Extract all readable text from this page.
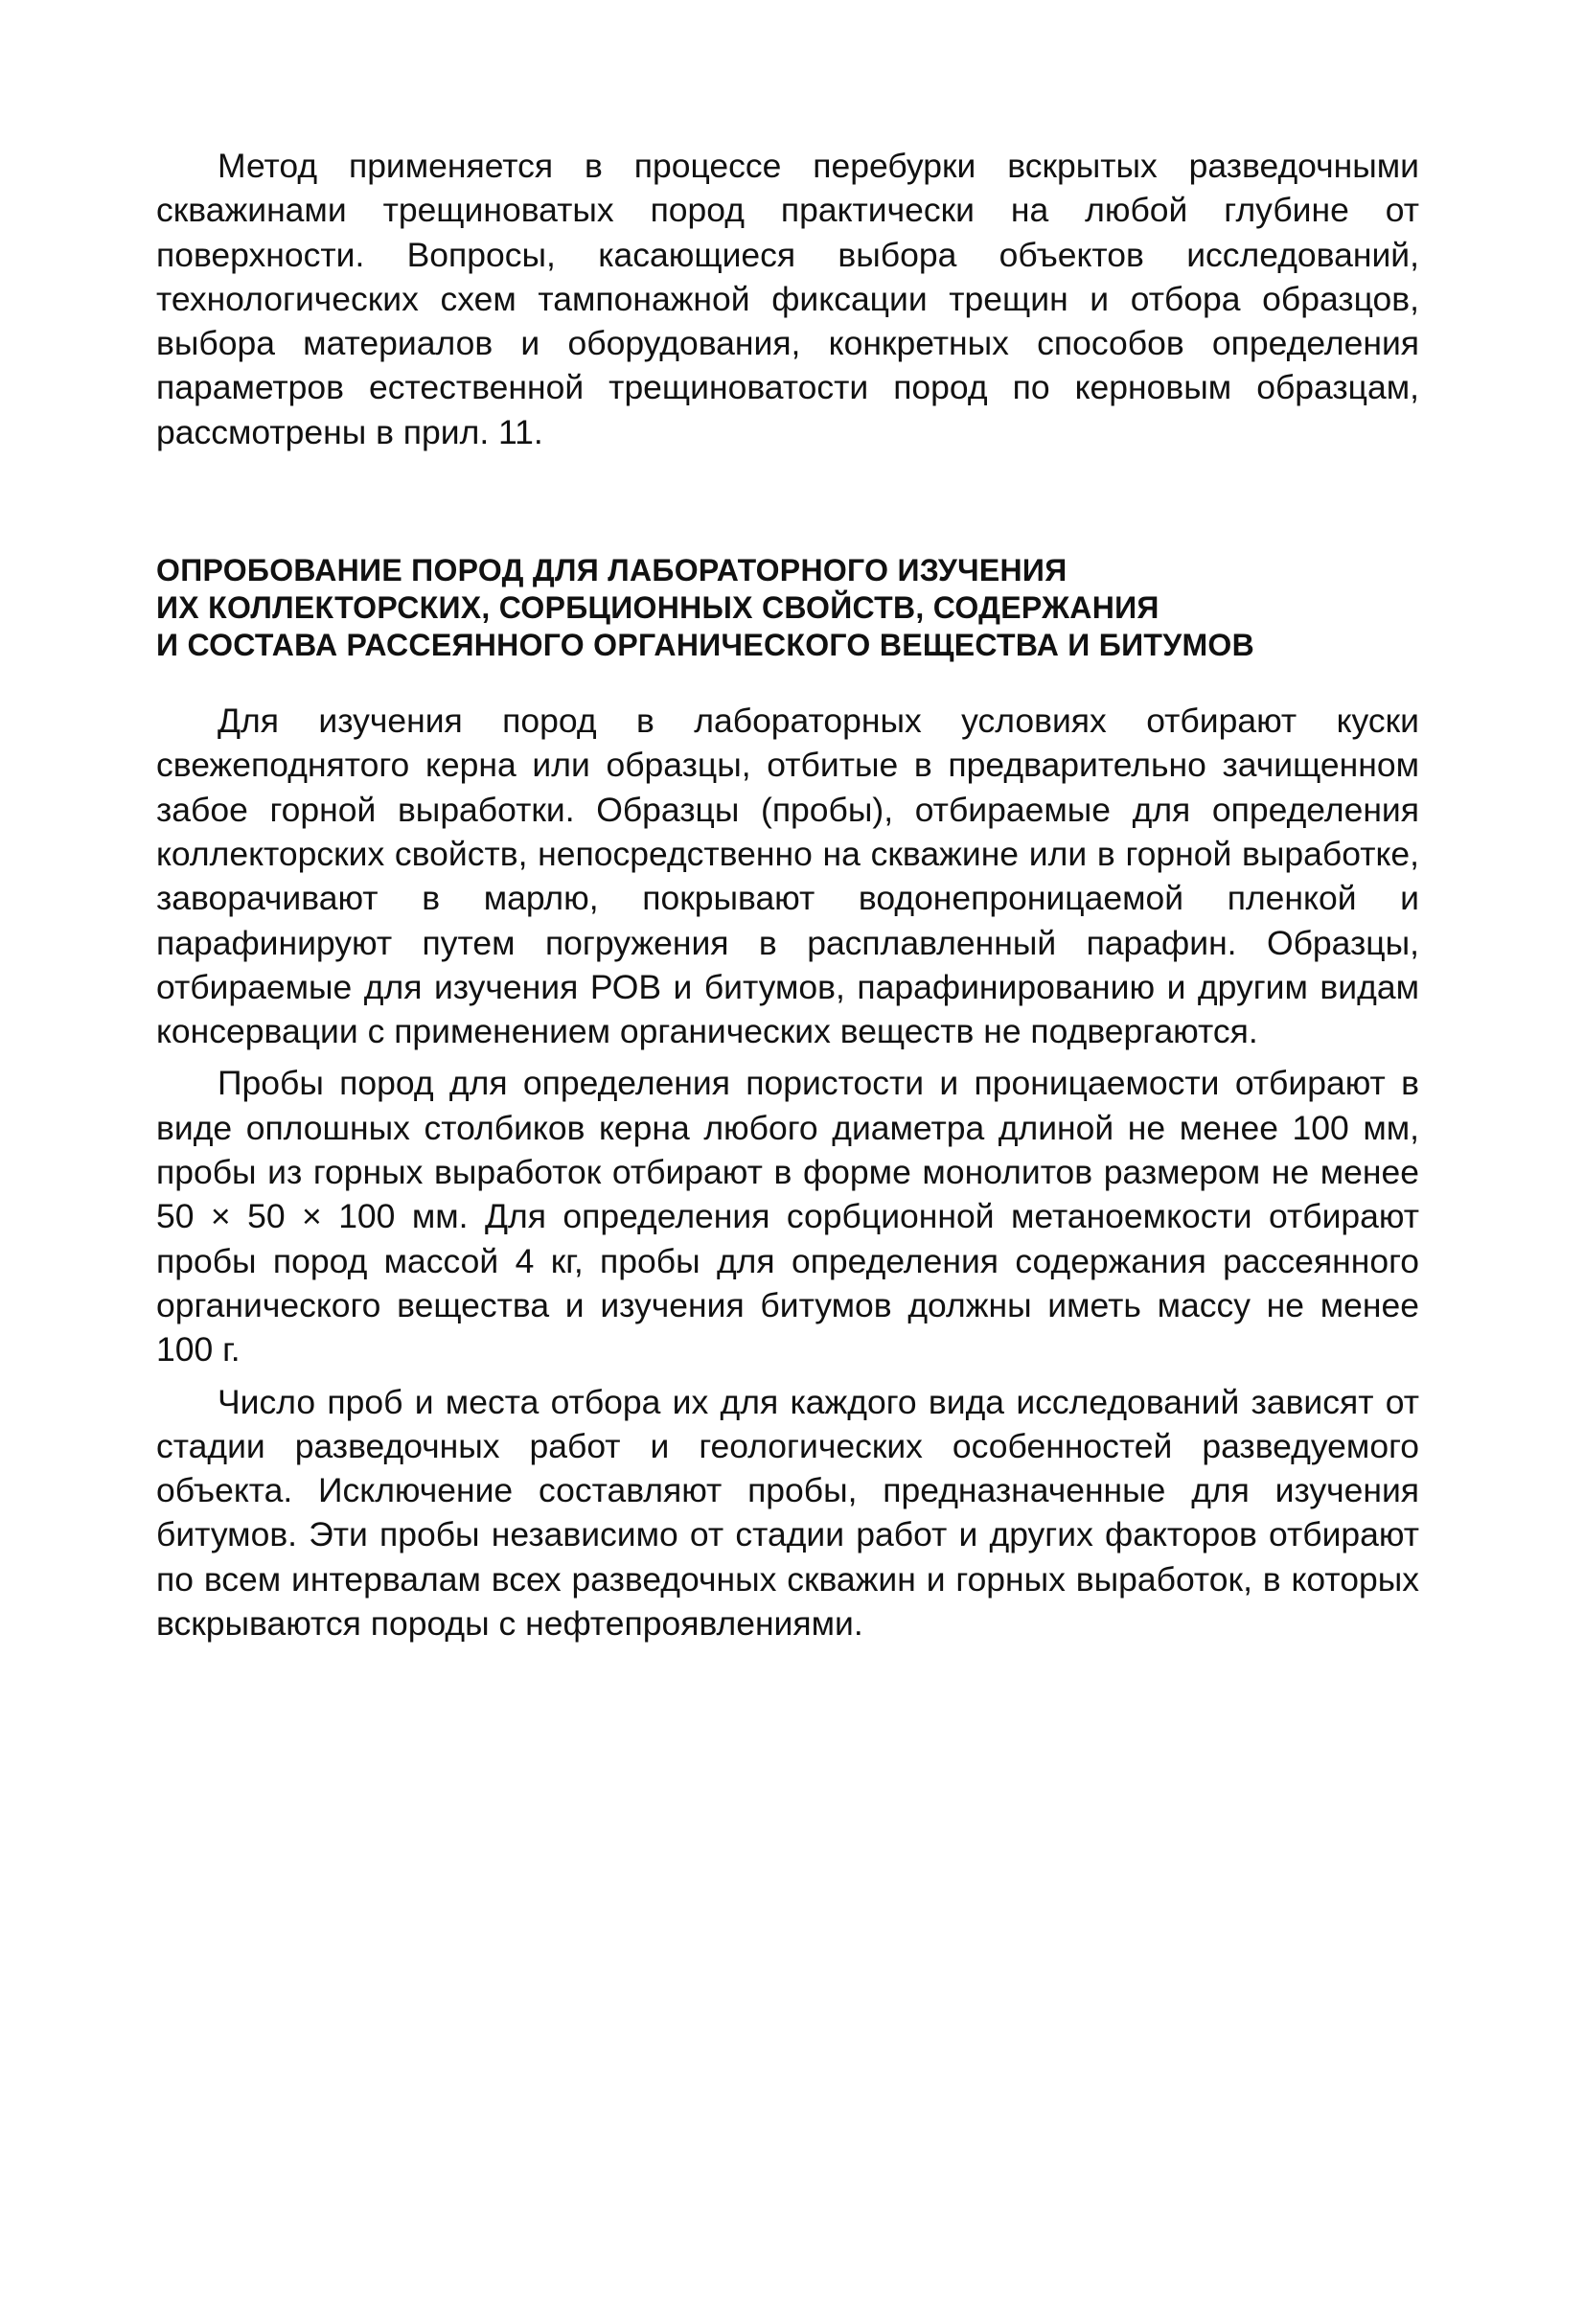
Метод применяется в процессе перебурки вскрытых разведочными скважинами трещиноватых пород практически на любой глубине от поверхности. Вопросы, касающиеся выбора объектов исследований, технологических схем тампонажной фиксации трещин и отбора образцов, выбора материалов и оборудования, конкретных способов определения параметров естественной трещиноватости пород по керновым образцам, рассмотрены в прил. 11.

ОПРОБОВАНИЕ ПОРОД ДЛЯ ЛАБОРАТОРНОГО ИЗУЧЕНИЯ
ИХ КОЛЛЕКТОРСКИХ, СОРБЦИОННЫХ СВОЙСТВ, СОДЕРЖАНИЯ
И СОСТАВА РАССЕЯННОГО ОРГАНИЧЕСКОГО ВЕЩЕСТВА И БИТУМОВ

Для изучения пород в лабораторных условиях отбирают куски свежеподнятого керна или образцы, отбитые в предварительно зачищенном забое горной выработки. Образцы (пробы), отбираемые для определения коллекторских свойств, непосредственно на скважине или в горной выработке, заворачивают в марлю, покрывают водонепроницаемой пленкой и парафинируют путем погружения в расплавленный парафин. Образцы, отбираемые для изучения РОВ и битумов, парафинированию и другим видам консервации с применением органических веществ не подвергаются.

Пробы пород для определения пористости и проницаемости отбирают в виде оплошных столбиков керна любого диаметра длиной не менее 100 мм, пробы из горных выработок отбирают в форме монолитов размером не менее 50 × 50 × 100 мм. Для определения сорбционной метаноемкости отбирают пробы пород массой 4 кг, пробы для определения содержания рассеянного органического вещества и изучения битумов должны иметь массу не менее 100 г.

Число проб и места отбора их для каждого вида исследований зависят от стадии разведочных работ и геологических особенностей разведуемого объекта. Исключение составляют пробы, предназначенные для изучения битумов. Эти пробы независимо от стадии работ и других факторов отбирают по всем интервалам всех разведочных скважин и горных выработок, в которых вскрываются породы с нефтепроявлениями.
